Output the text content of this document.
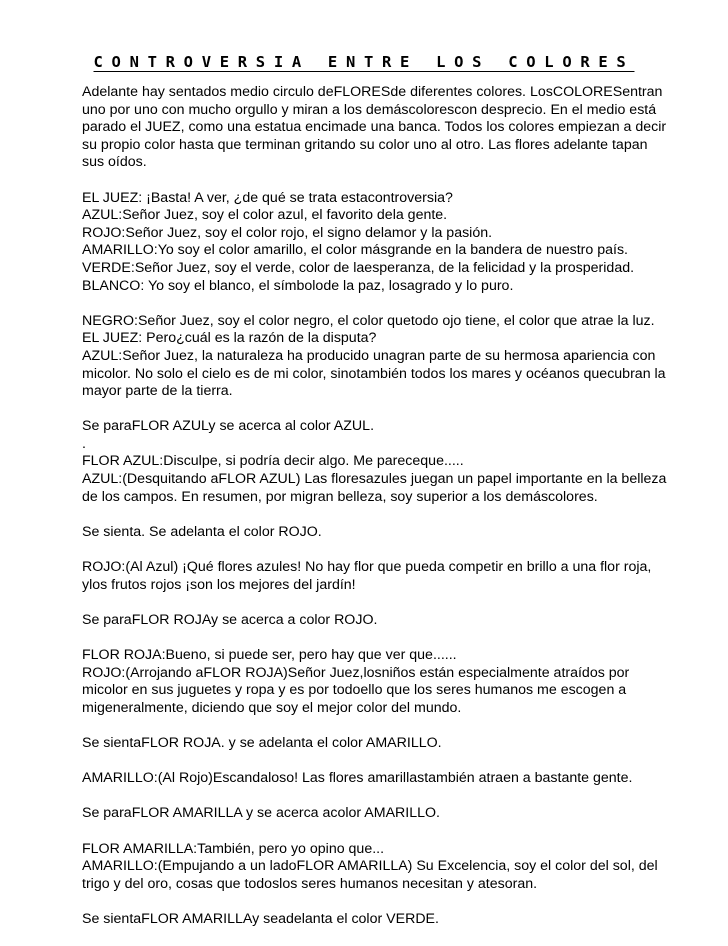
CONTROVERSIA ENTRE LOS COLORES
Adelante hay sentados medio circulo deFLORESde diferentes colores. LosCOLORESentran
uno por uno con mucho orgullo y miran a los demáscolorescon desprecio. En el medio está
parado el JUEZ, como una estatua encimade una banca. Todos los colores empiezan a decir
su propio color hasta que terminan gritando su color uno al otro. Las flores adelante tapan
sus oídos.
EL JUEZ: ¡Basta! A ver, ¿de qué se trata estacontroversia?
AZUL:Señor Juez, soy el color azul, el favorito dela gente.
ROJO:Señor Juez, soy el color rojo, el signo delamor y la pasión.
AMARILLO:Yo soy el color amarillo, el color másgrande en la bandera de nuestro país.
VERDE:Señor Juez, soy el verde, color de laesperanza, de la felicidad y la prosperidad.
BLANCO: Yo soy el blanco, el símbolode la paz, losagrado y lo puro.
NEGRO:Señor Juez, soy el color negro, el color quetodo ojo tiene, el color que atrae la luz.
EL JUEZ: Pero¿cuál es la razón de la disputa?
AZUL:Señor Juez, la naturaleza ha producido unagran parte de su hermosa apariencia con
micolor. No solo el cielo es de mi color, sinotambién todos los mares y océanos quecubran la
mayor parte de la tierra.
Se paraFLOR AZULy se acerca al color AZUL.
.
FLOR AZUL:Disculpe, si podría decir algo. Me pareceque.....
AZUL:(Desquitando aFLOR AZUL) Las floresazules juegan un papel importante en la belleza
de los campos. En resumen, por migran belleza, soy superior a los demáscolores.
Se sienta. Se adelanta el color ROJO.
ROJO:(Al Azul) ¡Qué flores azules! No hay flor que pueda competir en brillo a una flor roja,
ylos frutos rojos ¡son los mejores del jardín!
Se paraFLOR ROJAy se acerca a color ROJO.
FLOR ROJA:Bueno, si puede ser, pero hay que ver que......
ROJO:(Arrojando aFLOR ROJA)Señor Juez,losniños están especialmente atraídos por
micolor en sus juguetes y ropa y es por todoello que los seres humanos me escogen a
migeneralmente, diciendo que soy el mejor color del mundo.
Se sientaFLOR ROJA. y se adelanta el color AMARILLO.
AMARILLO:(Al Rojo)Escandaloso! Las flores amarillastambién atraen a bastante gente.
Se paraFLOR AMARILLA y se acerca acolor AMARILLO.
FLOR AMARILLA:También, pero yo opino que...
AMARILLO:(Empujando a un ladoFLOR AMARILLA) Su Excelencia, soy el color del sol, del
trigo y del oro, cosas que todoslos seres humanos necesitan y atesoran.
Se sientaFLOR AMARILLAy seadelanta el color VERDE.
